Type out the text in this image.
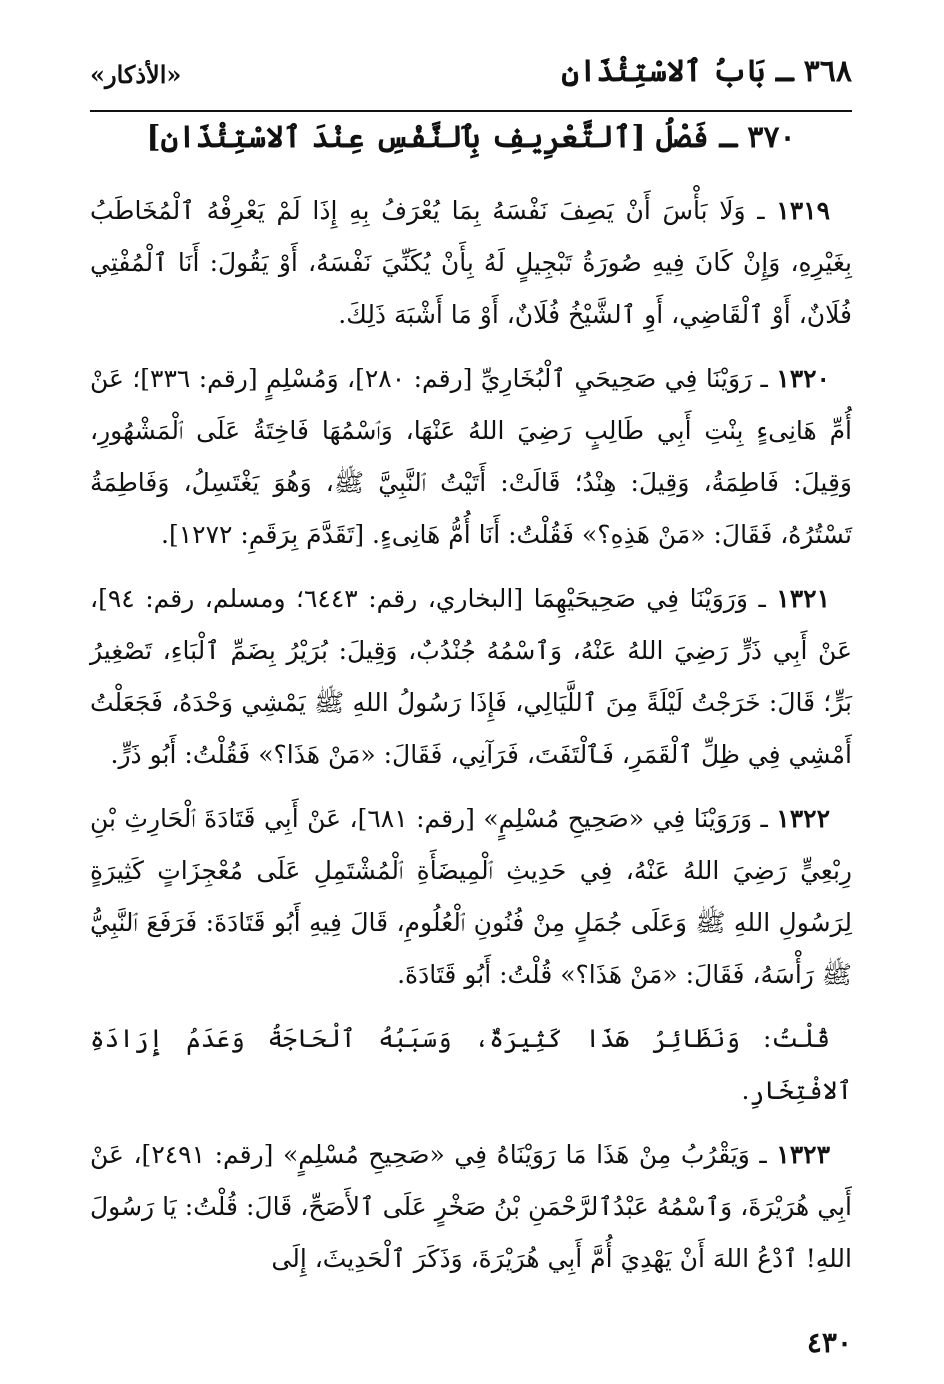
٣٦٨ ـ بَابُ ٱلاسْتِئْذَانِ
«الأذكار»
٣٧٠ ـ فَصْلُ [ٱلتَّعْرِيفِ بِٱلنَّفْسِ عِنْدَ ٱلاسْتِئْذَانِ]

١٣١٩ ـ وَلَا بَأْسَ أَنْ يَصِفَ نَفْسَهُ بِمَا يُعْرَفُ بِهِ إِذَا لَمْ يَعْرِفْهُ ٱلْمُخَاطَبُ بِغَيْرِهِ، وَإِنْ كَانَ فِيهِ صُورَةُ تَبْجِيلٍ لَهُ بِأَنْ يُكَنِّيَ نَفْسَهُ، أَوْ يَقُولَ: أَنَا ٱلْمُفْتِي فُلَانٌ، أَوْ ٱلْقَاضِي، أَوِ ٱلشَّيْخُ فُلَانٌ، أَوْ مَا أَشْبَهَ ذَلِكَ.

١٣٢٠ ـ رَوَيْنَا فِي صَحِيحَيِ ٱلْبُخَارِيِّ [رقم: ٢٨٠]، وَمُسْلِمٍ [رقم: ٣٣٦]؛ عَنْ أُمِّ هَانِىءٍ بِنْتِ أَبِي طَالِبٍ رَضِيَ اللهُ عَنْهَا، وَٱسْمُهَا فَاخِتَةُ عَلَى ٱلْمَشْهُورِ، وَقِيلَ: فَاطِمَةُ، وَقِيلَ: هِنْدُ؛ قَالَتْ: أَتَيْتُ ٱلنَّبِيَّ ﷺ، وَهُوَ يَغْتَسِلُ، وَفَاطِمَةُ تَسْتُرُهُ، فَقَالَ: «مَنْ هَذِهِ؟» فَقُلْتُ: أَنَا أُمُّ هَانِىءٍ. [تَقَدَّمَ بِرَقَمِ: ١٢٧٢].

١٣٢١ ـ وَرَوَيْنَا فِي صَحِيحَيْهِمَا [البخاري، رقم: ٦٤٤٣؛ ومسلم، رقم: ٩٤]، عَنْ أَبِي ذَرٍّ رَضِيَ اللهُ عَنْهُ، وَٱسْمُهُ جُنْدُبٌ، وَقِيلَ: بُرَيْرُ بِضَمِّ ٱلْبَاءِ، تَصْغِيرُ بَرٍّ؛ قَالَ: خَرَجْتُ لَيْلَةً مِنَ ٱللَّيَالِي، فَإِذَا رَسُولُ اللهِ ﷺ يَمْشِي وَحْدَهُ، فَجَعَلْتُ أَمْشِي فِي ظِلِّ ٱلْقَمَرِ، فَٱلْتَفَتَ، فَرَآنِي، فَقَالَ: «مَنْ هَذَا؟» فَقُلْتُ: أَبُو ذَرٍّ.

١٣٢٢ ـ وَرَوَيْنَا فِي «صَحِيحِ مُسْلِمٍ» [رقم: ٦٨١]، عَنْ أَبِي قَتَادَةَ ٱلْحَارِثِ بْنِ رِبْعِيٍّ رَضِيَ اللهُ عَنْهُ، فِي حَدِيثِ ٱلْمِيضَأَةِ ٱلْمُشْتَمِلِ عَلَى مُعْجِزَاتٍ كَثِيرَةٍ لِرَسُولِ اللهِ ﷺ وَعَلَى جُمَلٍ مِنْ فُنُونِ ٱلْعُلُومِ، قَالَ فِيهِ أَبُو قَتَادَةَ: فَرَفَعَ ٱلنَّبِيُّ ﷺ رَأْسَهُ، فَقَالَ: «مَنْ هَذَا؟» قُلْتُ: أَبُو قَتَادَةَ.

قُلْتُ: وَنَظَائِرُ هَذَا كَثِيرَةٌ، وَسَبَبُهُ ٱلْحَاجَةُ وَعَدَمُ إِرَادَةِ ٱلافْتِخَارِ.

١٣٢٣ ـ وَيَقْرُبُ مِنْ هَذَا مَا رَوَيْنَاهُ فِي «صَحِيحِ مُسْلِمٍ» [رقم: ٢٤٩١]، عَنْ أَبِي هُرَيْرَةَ، وَٱسْمُهُ عَبْدُٱلرَّحْمَنِ بْنُ صَخْرٍ عَلَى ٱلأَصَحِّ، قَالَ: قُلْتُ: يَا رَسُولَ اللهِ! ٱدْعُ اللهَ أَنْ يَهْدِيَ أُمَّ أَبِي هُرَيْرَةَ، وَذَكَرَ ٱلْحَدِيثَ، إِلَى

٤٣٠
